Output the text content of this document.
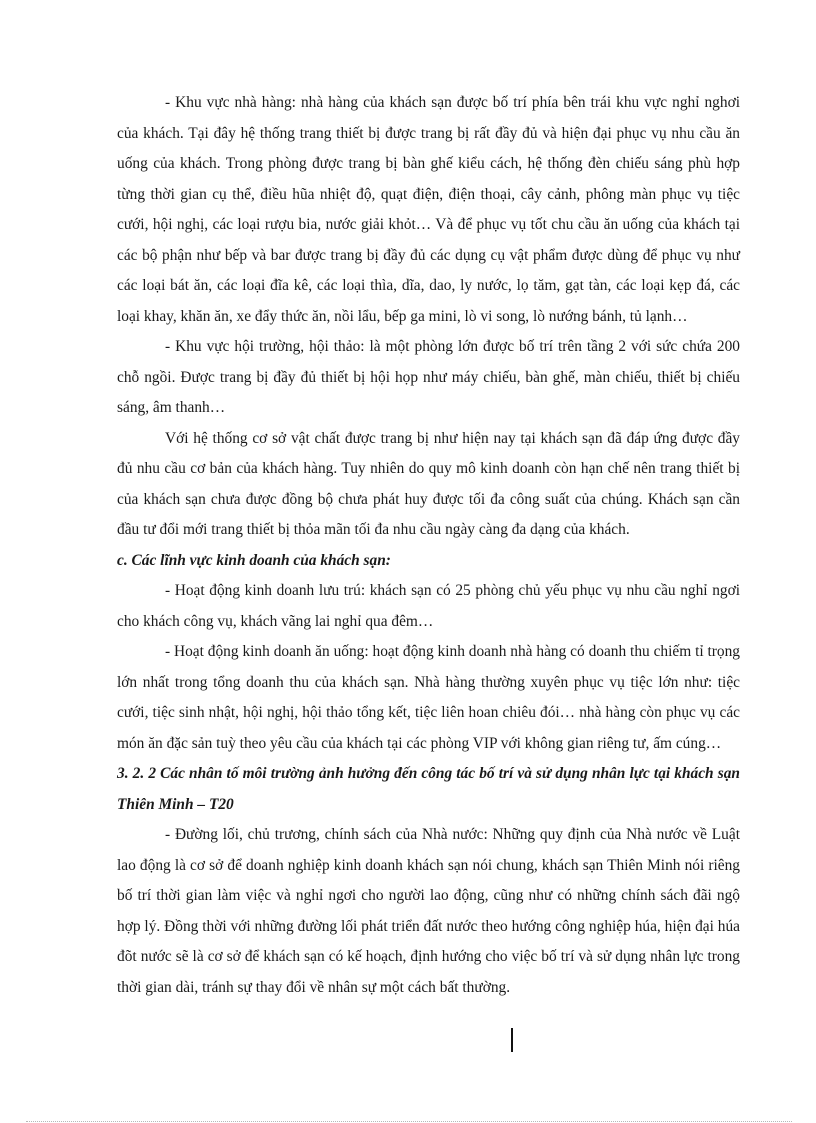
- Khu vực nhà hàng: nhà hàng của khách sạn được bố trí phía bên trái khu vực nghỉ nghơi của khách. Tại đây hệ thống trang thiết bị được trang bị rất đầy đủ và hiện đại phục vụ nhu cầu ăn uống của khách. Trong phòng được trang bị bàn ghế kiểu cách, hệ thống đèn chiếu sáng phù hợp từng thời gian cụ thể, điều hũa nhiệt độ, quạt điện, điện thoại, cây cảnh, phông màn phục vụ tiệc cưới, hội nghị, các loại rượu bia, nước giải khỏt… Và để phục vụ tốt chu cầu ăn uống của khách tại các bộ phận như bếp và bar được trang bị đầy đủ các dụng cụ vật phẩm được dùng để phục vụ như các loại bát ăn, các loại đĩa kê, các loại thìa, dĩa, dao, ly nước, lọ tăm, gạt tàn, các loại kẹp đá, các loại khay, khăn ăn, xe đẩy thức ăn, nồi lẩu, bếp ga mini, lò vi song, lò nướng bánh, tủ lạnh…

- Khu vực hội trường, hội thảo: là một phòng lớn được bố trí trên tầng 2 với sức chứa 200 chỗ ngồi. Được trang bị đầy đủ thiết bị hội họp như máy chiếu, bàn ghế, màn chiếu, thiết bị chiếu sáng, âm thanh…

Với hệ thống cơ sở vật chất được trang bị như hiện nay tại khách sạn đã đáp ứng được đầy đủ nhu cầu cơ bản của khách hàng. Tuy nhiên do quy mô kinh doanh còn hạn chế nên trang thiết bị của khách sạn chưa được đồng bộ chưa phát huy được tối đa công suất của chúng. Khách sạn cần đầu tư đổi mới trang thiết bị thỏa mãn tối đa nhu cầu ngày càng đa dạng của khách.

c. Các lĩnh vực kinh doanh của khách sạn:

- Hoạt động kinh doanh lưu trú: khách sạn có 25 phòng chủ yếu phục vụ nhu cầu nghỉ ngơi cho khách công vụ, khách vãng lai nghỉ qua đêm…

- Hoạt động kinh doanh ăn uống: hoạt động kinh doanh nhà hàng có doanh thu chiếm tỉ trọng lớn nhất trong tổng doanh thu của khách sạn. Nhà hàng thường xuyên phục vụ tiệc lớn như: tiệc cưới, tiệc sinh nhật, hội nghị, hội thảo tổng kết, tiệc liên hoan chiêu đói… nhà hàng còn phục vụ các món ăn đặc sản tuỳ theo yêu cầu của khách tại các phòng VIP với không gian riêng tư, ấm cúng…

3. 2. 2 Các nhân tố môi trường ảnh hưởng đến công tác bố trí và sử dụng nhân lực tại khách sạn Thiên Minh – T20

- Đường lối, chủ trương, chính sách của Nhà nước: Những quy định của Nhà nước về Luật lao động là cơ sở để doanh nghiệp kinh doanh khách sạn nói chung, khách sạn Thiên Minh nói riêng bố trí thời gian làm việc và nghỉ ngơi cho người lao động, cũng như có những chính sách đãi ngộ hợp lý. Đồng thời với những đường lối phát triển đất nước theo hướng công nghiệp húa, hiện đại húa đõt nước sẽ là cơ sở để khách sạn có kế hoạch, định hướng cho việc bố trí và sử dụng nhân lực trong thời gian dài, tránh sự thay đổi về nhân sự một cách bất thường.
